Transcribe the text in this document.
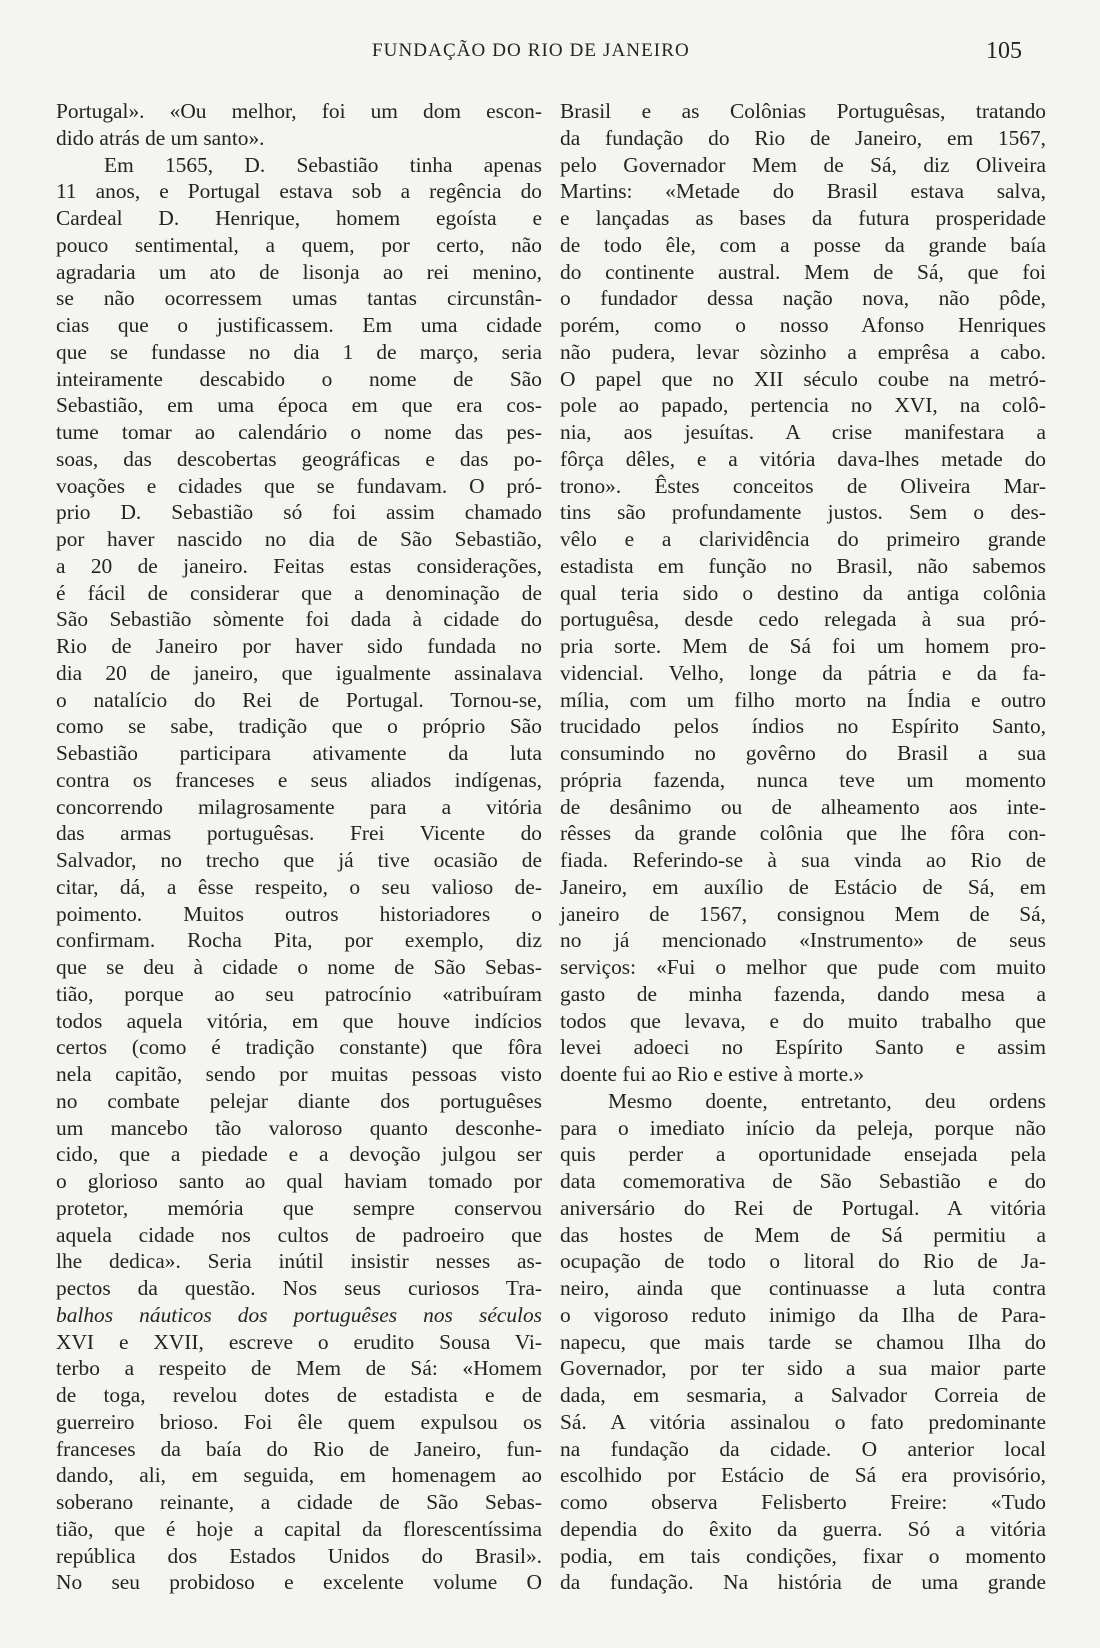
FUNDAÇÃO DO RIO DE JANEIRO	105
Portugal». «Ou melhor, foi um dom escon-
dido atrás de um santo».
Em 1565, D. Sebastião tinha apenas
11 anos, e Portugal estava sob a regência do
Cardeal D. Henrique, homem egoísta e
pouco sentimental, a quem, por certo, não
agradaria um ato de lisonja ao rei menino,
se não ocorressem umas tantas circunstân-
cias que o justificassem. Em uma cidade
que se fundasse no dia 1 de março, seria
inteiramente descabido o nome de São
Sebastião, em uma época em que era cos-
tume tomar ao calendário o nome das pes-
soas, das descobertas geográficas e das po-
voações e cidades que se fundavam. O pró-
prio D. Sebastião só foi assim chamado
por haver nascido no dia de São Sebastião,
a 20 de janeiro. Feitas estas considerações,
é fácil de considerar que a denominação de
São Sebastião sòmente foi dada à cidade do
Rio de Janeiro por haver sido fundada no
dia 20 de janeiro, que igualmente assinalava
o natalício do Rei de Portugal. Tornou-se,
como se sabe, tradição que o próprio São
Sebastião participara ativamente da luta
contra os franceses e seus aliados indígenas,
concorrendo milagrosamente para a vitória
das armas portuguêsas. Frei Vicente do
Salvador, no trecho que já tive ocasião de
citar, dá, a êsse respeito, o seu valioso de-
poimento. Muitos outros historiadores o
confirmam. Rocha Pita, por exemplo, diz
que se deu à cidade o nome de São Sebas-
tião, porque ao seu patrocínio «atribuíram
todos aquela vitória, em que houve indícios
certos (como é tradição constante) que fôra
nela capitão, sendo por muitas pessoas visto
no combate pelejar diante dos portuguêses
um mancebo tão valoroso quanto desconhe-
cido, que a piedade e a devoção julgou ser
o glorioso santo ao qual haviam tomado por
protetor, memória que sempre conservou
aquela cidade nos cultos de padroeiro que
lhe dedica». Seria inútil insistir nesses as-
pectos da questão. Nos seus curiosos Tra-
balhos náuticos dos portuguêses nos séculos
XVI e XVII, escreve o erudito Sousa Vi-
terbo a respeito de Mem de Sá: «Homem
de toga, revelou dotes de estadista e de
guerreiro brioso. Foi êle quem expulsou os
franceses da baía do Rio de Janeiro, fun-
dando, ali, em seguida, em homenagem ao
soberano reinante, a cidade de São Sebas-
tião, que é hoje a capital da florescentíssima
república dos Estados Unidos do Brasil».
No seu probidoso e excelente volume O
Brasil e as Colônias Portuguêsas, tratando
da fundação do Rio de Janeiro, em 1567,
pelo Governador Mem de Sá, diz Oliveira
Martins: «Metade do Brasil estava salva,
e lançadas as bases da futura prosperidade
de todo êle, com a posse da grande baía
do continente austral. Mem de Sá, que foi
o fundador dessa nação nova, não pôde,
porém, como o nosso Afonso Henriques
não pudera, levar sòzinho a emprêsa a cabo.
O papel que no XII século coube na metró-
pole ao papado, pertencia no XVI, na colô-
nia, aos jesuítas. A crise manifestara a
fôrça dêles, e a vitória dava-lhes metade do
trono». Êstes conceitos de Oliveira Mar-
tins são profundamente justos. Sem o des-
vêlo e a clarividência do primeiro grande
estadista em função no Brasil, não sabemos
qual teria sido o destino da antiga colônia
portuguêsa, desde cedo relegada à sua pró-
pria sorte. Mem de Sá foi um homem pro-
videncial. Velho, longe da pátria e da fa-
mília, com um filho morto na Índia e outro
trucidado pelos índios no Espírito Santo,
consumindo no govêrno do Brasil a sua
própria fazenda, nunca teve um momento
de desânimo ou de alheamento aos inte-
rêsses da grande colônia que lhe fôra con-
fiada. Referindo-se à sua vinda ao Rio de
Janeiro, em auxílio de Estácio de Sá, em
janeiro de 1567, consignou Mem de Sá,
no já mencionado «Instrumento» de seus
serviços: «Fui o melhor que pude com muito
gasto de minha fazenda, dando mesa a
todos que levava, e do muito trabalho que
levei adoeci no Espírito Santo e assim
doente fui ao Rio e estive à morte.»
Mesmo doente, entretanto, deu ordens
para o imediato início da peleja, porque não
quis perder a oportunidade ensejada pela
data comemorativa de São Sebastião e do
aniversário do Rei de Portugal. A vitória
das hostes de Mem de Sá permitiu a
ocupação de todo o litoral do Rio de Ja-
neiro, ainda que continuasse a luta contra
o vigoroso reduto inimigo da Ilha de Para-
napecu, que mais tarde se chamou Ilha do
Governador, por ter sido a sua maior parte
dada, em sesmaria, a Salvador Correia de
Sá. A vitória assinalou o fato predominante
na fundação da cidade. O anterior local
escolhido por Estácio de Sá era provisório,
como observa Felisberto Freire: «Tudo
dependia do êxito da guerra. Só a vitória
podia, em tais condições, fixar o momento
da fundação. Na história de uma grande
